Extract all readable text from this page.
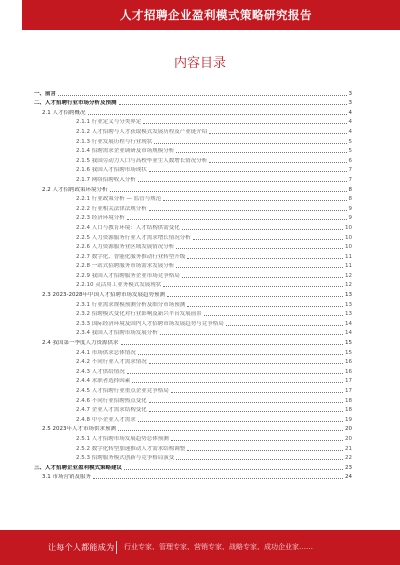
人才招聘企业盈利模式策略研究报告
内容目录
一、前言	3
二、人才招聘行业市场分析及预测	3
2.1 人才招聘概况	4
2.1.1 行业定义与分类界定	4
2.1.2 人才招聘与人才获取模式发展历程及产业链介绍	4
2.1.3 行业发展历程与行业现状	5
2.1.4 招聘需求企业调研及市场规模分析	5
2.1.5 我国劳动力人口与高校毕业生人数增长情况分析	6
2.1.6 我国人才招聘市场现状	7
2.1.7 网络招聘收入分析	7
2.2 人才招聘政策环境分析	8
2.2.1 行业政策分析 — 监管与规范	8
2.2.2 行业相关法律法规分析	9
2.2.3 经济环境分析	9
2.2.4 人口与教育环境：人才结构供需变化	10
2.2.5 人力资源服务行业人才需求增长情况分析	10
2.2.6 人力资源服务业区域发展情况分析	10
2.2.7 数字化、智能化服务推动行业转型升级	11
2.2.8 一站式招聘服务市场需求发展分析	11
2.2.9 我国人才招聘服务企业市场竞争格局	12
2.2.10 灵活用工业务模式发展现状	12
2.3 2023-2028年中国人才招聘市场发展趋势预测	13
2.3.1 行业需求规模预测分析及细分市场预测	13
2.3.2 招聘模式变化对行业影响及新兴平台发展前景	13
2.3.3 国际经济环境及国内人才招聘市场发展趋势与竞争格局	14
2.3.4 我国人才招聘市场发展分析	14
2.4 我国第一季度人力资源供求	15
2.4.1 市场供求总体情况	15
2.4.2 不同行业人才需求情况	16
2.4.3 人才供给情况	16
2.4.4 求职者选择因素	17
2.4.5 人才招聘行业重点企业竞争格局	17
2.4.6 不同行业招聘热点变化	18
2.4.7 企业人才需求结构变化	18
2.4.8 中小企业人才需求	19
2.5 2023年人才市场供求预测	20
2.5.1 人才招聘市场发展趋势总体预测	20
2.5.2 数字化转型加速推动人才需求结构调整	21
2.5.3 招聘服务模式创新与竞争格局演变	22
三、人才招聘企业盈利模式策略建议	23
3.1 市场营销及服务	24
让每个人都能成为 行业专家、管理专家、营销专家、战略专家、成功企业家……
